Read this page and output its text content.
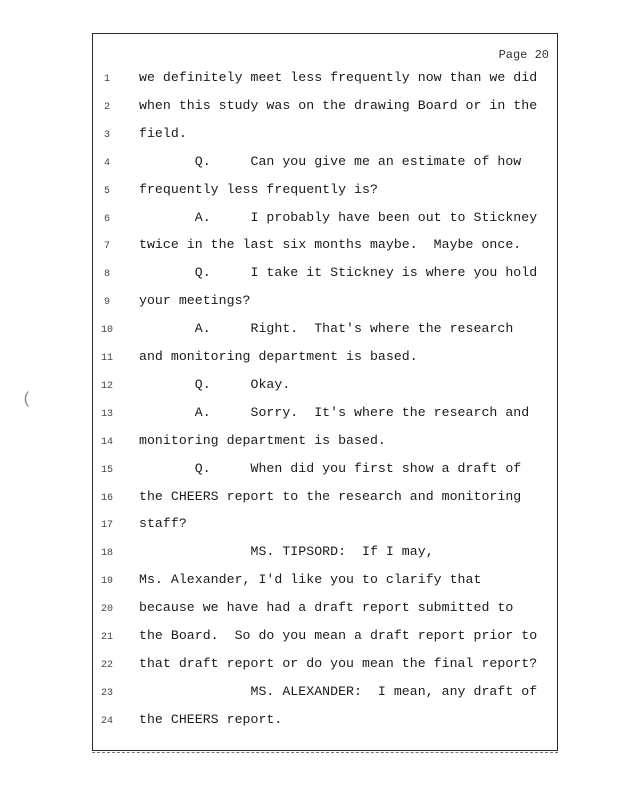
Page 20
1	we definitely meet less frequently now than we did
2	when this study was on the drawing Board or in the
3	field.
4	Q.     Can you give me an estimate of how
5	frequently less frequently is?
6	A.     I probably have been out to Stickney
7	twice in the last six months maybe.  Maybe once.
8	Q.     I take it Stickney is where you hold
9	your meetings?
10	A.     Right.  That's where the research
11	and monitoring department is based.
12	Q.     Okay.
13	A.     Sorry.  It's where the research and
14	monitoring department is based.
15	Q.     When did you first show a draft of
16	the CHEERS report to the research and monitoring
17	staff?
18	MS. TIPSORD:  If I may,
19	Ms. Alexander, I'd like you to clarify that
20	because we have had a draft report submitted to
21	the Board.  So do you mean a draft report prior to
22	that draft report or do you mean the final report?
23	MS. ALEXANDER:  I mean, any draft of
24	the CHEERS report.
(
